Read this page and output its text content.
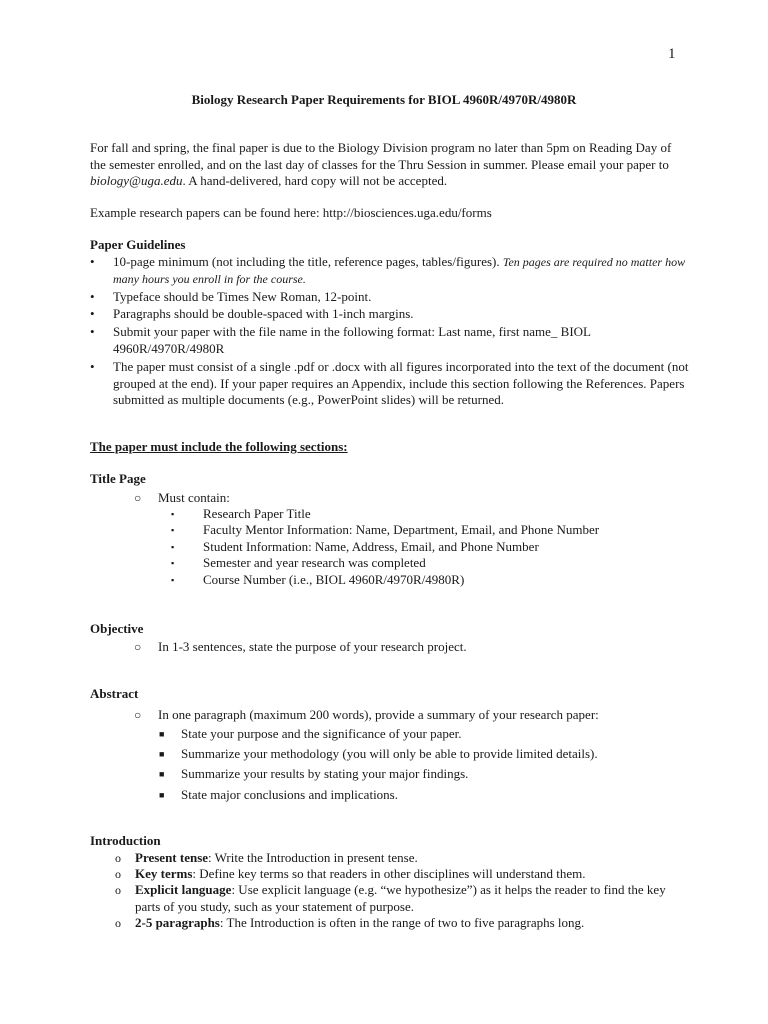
1
Biology Research Paper Requirements for BIOL 4960R/4970R/4980R
For fall and spring, the final paper is due to the Biology Division program no later than 5pm on Reading Day of the semester enrolled, and on the last day of classes for the Thru Session in summer. Please email your paper to biology@uga.edu. A hand-delivered, hard copy will not be accepted.
Example research papers can be found here: http://biosciences.uga.edu/forms
Paper Guidelines
• 10-page minimum (not including the title, reference pages, tables/figures). Ten pages are required no matter how many hours you enroll in for the course.
• Typeface should be Times New Roman, 12-point.
• Paragraphs should be double-spaced with 1-inch margins.
• Submit your paper with the file name in the following format: Last name, first name_ BIOL 4960R/4970R/4980R
• The paper must consist of a single .pdf or .docx with all figures incorporated into the text of the document (not grouped at the end). If your paper requires an Appendix, include this section following the References. Papers submitted as multiple documents (e.g., PowerPoint slides) will be returned.
The paper must include the following sections:
Title Page
○ Must contain:
▪ Research Paper Title
▪ Faculty Mentor Information: Name, Department, Email, and Phone Number
▪ Student Information: Name, Address, Email, and Phone Number
▪ Semester and year research was completed
▪ Course Number (i.e., BIOL 4960R/4970R/4980R)
Objective
○ In 1-3 sentences, state the purpose of your research project.
Abstract
○ In one paragraph (maximum 200 words), provide a summary of your research paper:
■ State your purpose and the significance of your paper.
■ Summarize your methodology (you will only be able to provide limited details).
■ Summarize your results by stating your major findings.
■ State major conclusions and implications.
Introduction
o Present tense: Write the Introduction in present tense.
o Key terms: Define key terms so that readers in other disciplines will understand them.
o Explicit language: Use explicit language (e.g. “we hypothesize”) as it helps the reader to find the key parts of you study, such as your statement of purpose.
o 2-5 paragraphs: The Introduction is often in the range of two to five paragraphs long.
